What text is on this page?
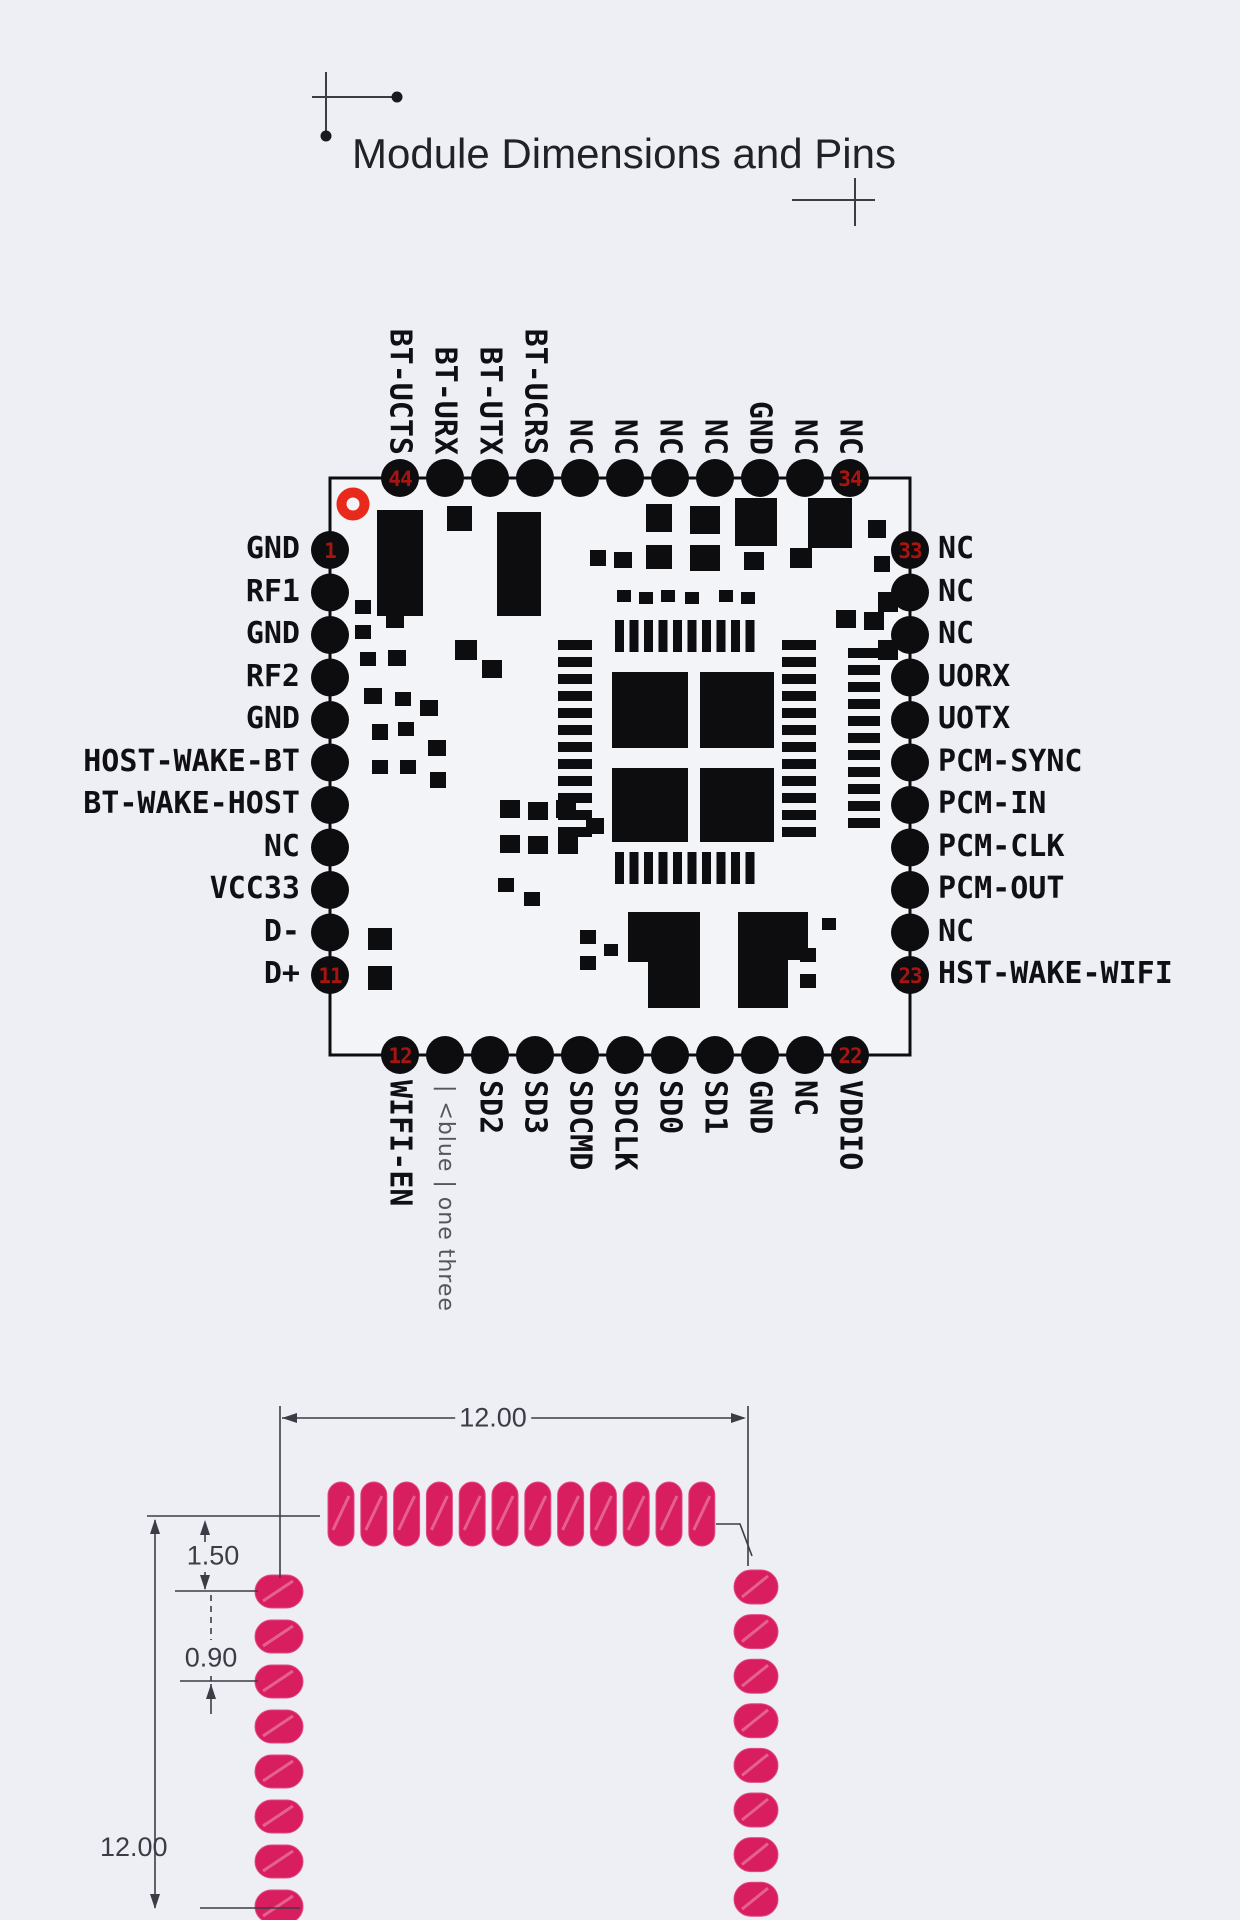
Module Dimensions and Pins
44	34
1
11
33
23
12	22
GND
RF1
GND
RF2
GND
HOST-WAKE-BT
BT-WAKE-HOST
NC
VCC33
D-
D+
NC
NC
NC
UORX
UOTX
PCM-SYNC
PCM-IN
PCM-CLK
PCM-OUT
NC
HST-WAKE-WIFI
BT-UCTS BT-URX BT-UTX BT-UCRS NC NC NC NC GND NC NC
WIFI-EN | <blue | one three SD2 SD3 SDCMD SDCLK SD0 SD1 GND NC VDDIO
12.00
1.50
0.90
12.00
